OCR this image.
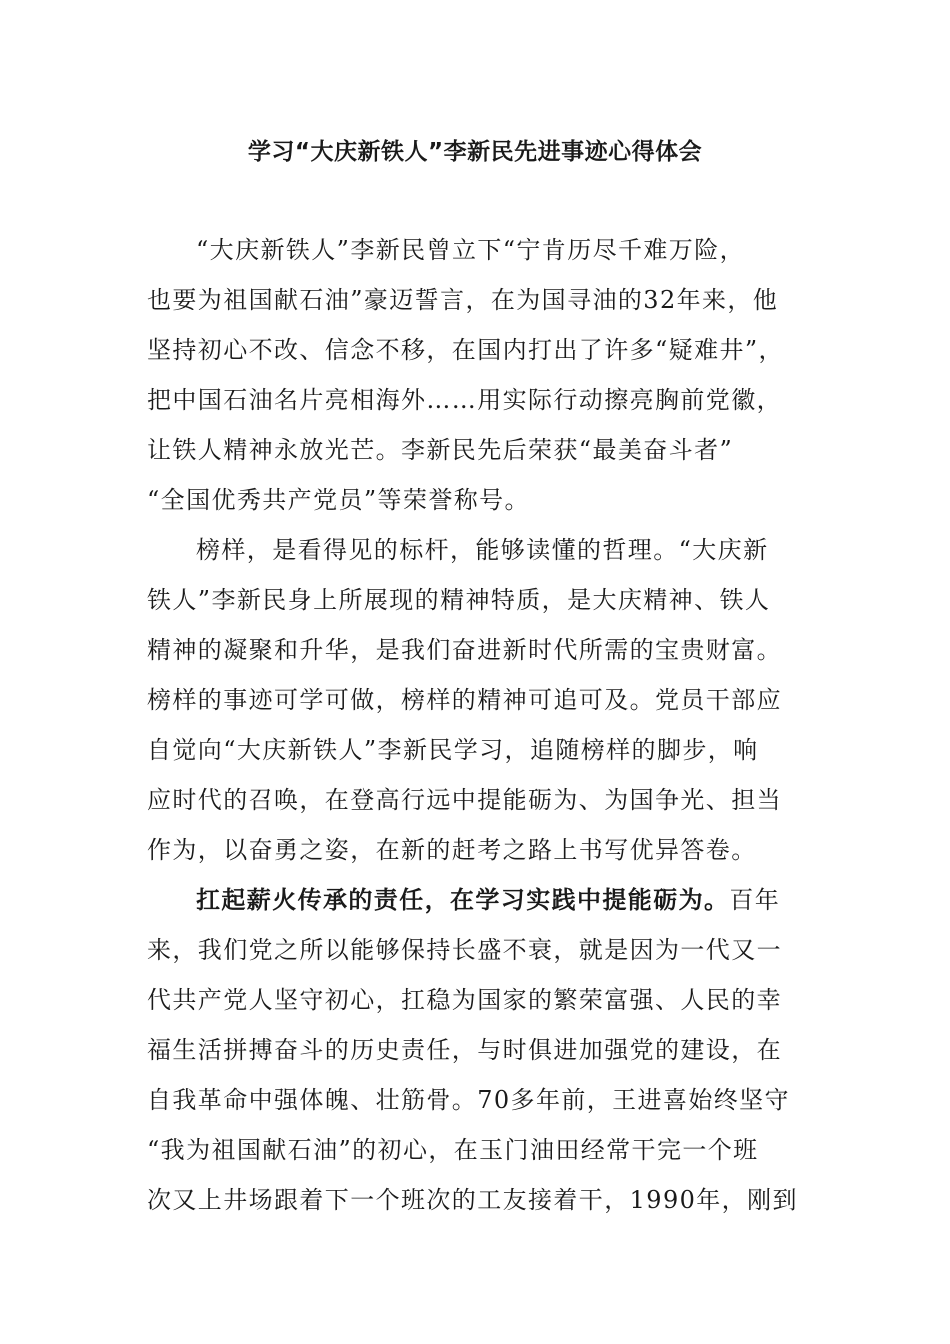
学习“大庆新铁人”李新民先进事迹心得体会
“大庆新铁人”李新民曾立下“宁肯历尽千难万险，
也要为祖国献石油”豪迈誓言，在为国寻油的32年来，他
坚持初心不改、信念不移，在国内打出了许多“疑难井”，
把中国石油名片亮相海外……用实际行动擦亮胸前党徽，
让铁人精神永放光芒。李新民先后荣获“最美奋斗者”
“全国优秀共产党员”等荣誉称号。
榜样，是看得见的标杆，能够读懂的哲理。“大庆新
铁人”李新民身上所展现的精神特质，是大庆精神、铁人
精神的凝聚和升华，是我们奋进新时代所需的宝贵财富。
榜样的事迹可学可做，榜样的精神可追可及。党员干部应
自觉向“大庆新铁人”李新民学习，追随榜样的脚步，响
应时代的召唤，在登高行远中提能砺为、为国争光、担当
作为，以奋勇之姿，在新的赶考之路上书写优异答卷。
扛起薪火传承的责任，在学习实践中提能砺为。百年
来，我们党之所以能够保持长盛不衰，就是因为一代又一
代共产党人坚守初心，扛稳为国家的繁荣富强、人民的幸
福生活拼搏奋斗的历史责任，与时俱进加强党的建设，在
自我革命中强体魄、壮筋骨。70多年前，王进喜始终坚守
“我为祖国献石油”的初心，在玉门油田经常干完一个班
次又上井场跟着下一个班次的工友接着干，1990年，刚到
